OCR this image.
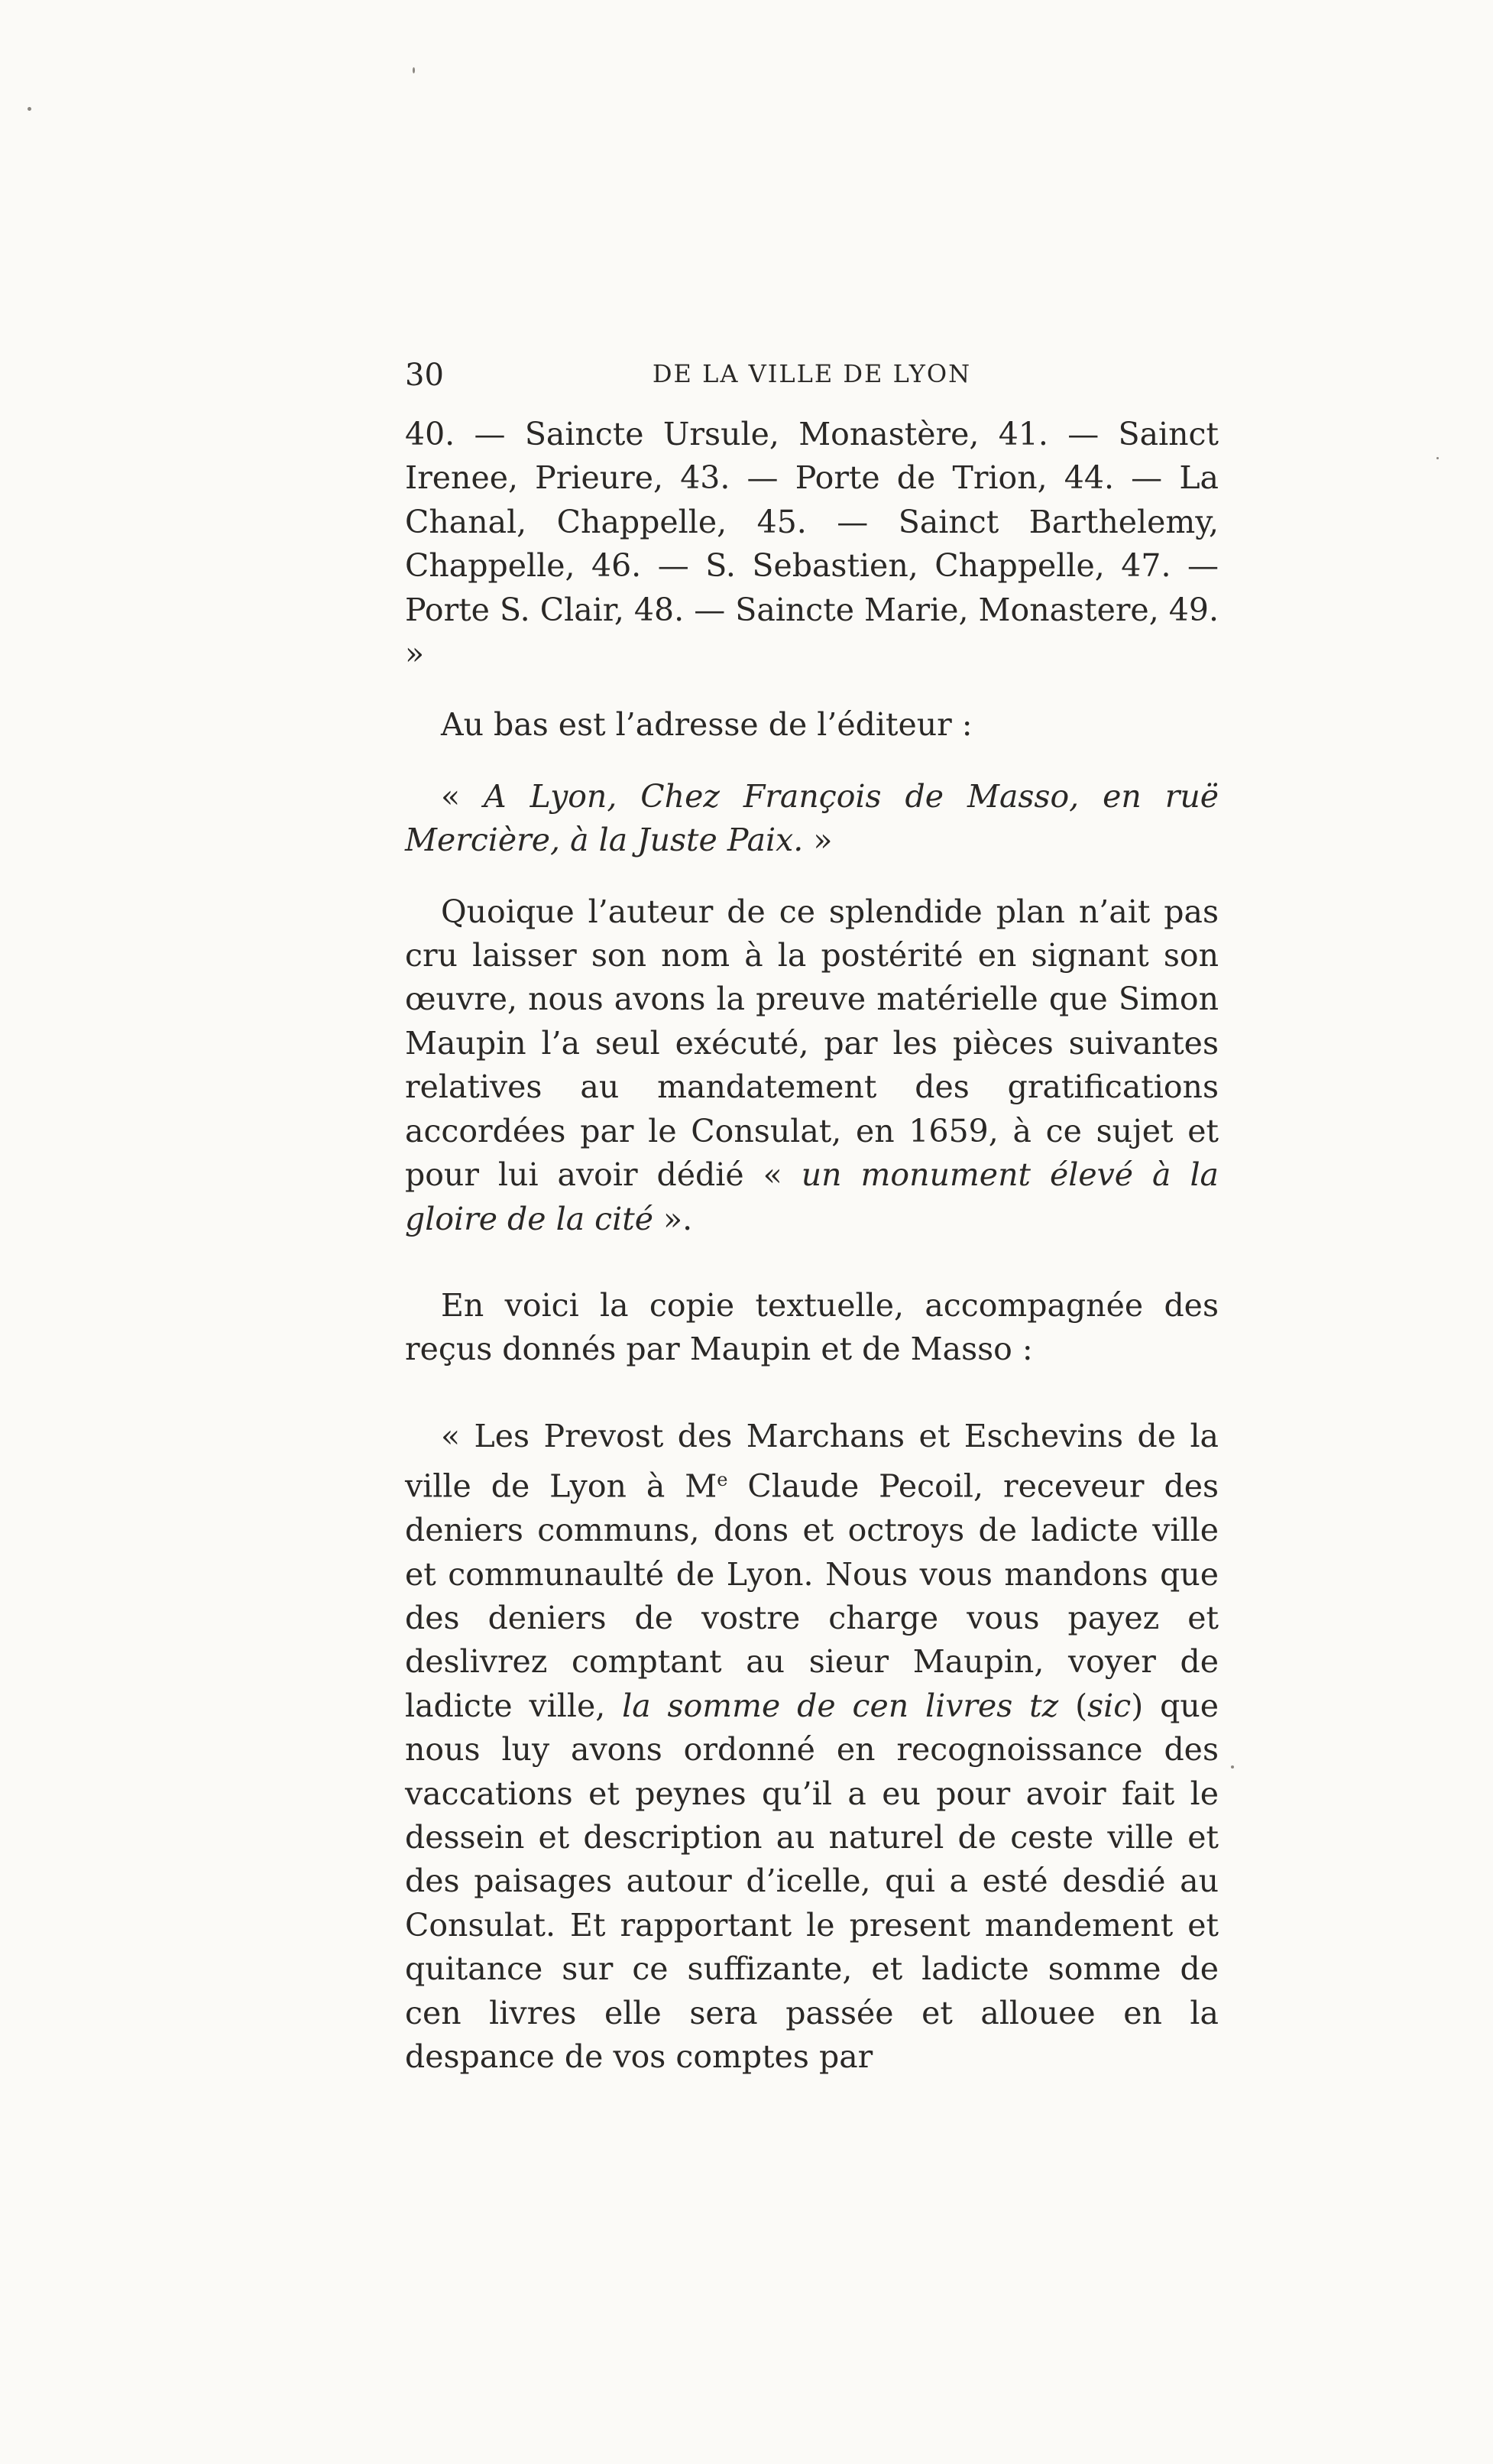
30	DE LA VILLE DE LYON

40. — Saincte Ursule, Monastère, 41. — Sainct Irenee, Prieure, 43. — Porte de Trion, 44. — La Chanal, Chappelle, 45. — Sainct Barthelemy, Chappelle, 46. — S. Sebastien, Chappelle, 47. — Porte S. Clair, 48. — Saincte Marie, Monastere, 49. »

Au bas est l’adresse de l’éditeur :

« A Lyon, Chez François de Masso, en ruë Mercière, à la Juste Paix. »

Quoique l’auteur de ce splendide plan n’ait pas cru laisser son nom à la postérité en signant son œuvre, nous avons la preuve matérielle que Simon Maupin l’a seul exécuté, par les pièces suivantes relatives au mandatement des gratifications accordées par le Consulat, en 1659, à ce sujet et pour lui avoir dédié « un monument élevé à la gloire de la cité ».

En voici la copie textuelle, accompagnée des reçus donnés par Maupin et de Masso :

« Les Prevost des Marchans et Eschevins de la ville de Lyon à Me Claude Pecoil, receveur des deniers communs, dons et octroys de ladicte ville et communaulté de Lyon. Nous vous mandons que des deniers de vostre charge vous payez et deslivrez comptant au sieur Maupin, voyer de ladicte ville, la somme de cen livres tz (sic) que nous luy avons ordonné en recognoissance des vaccations et peynes qu’il a eu pour avoir fait le dessein et description au naturel de ceste ville et des paisages autour d’icelle, qui a esté desdié au Consulat. Et rapportant le present mandement et quitance sur ce suffizante, et ladicte somme de cen livres elle sera passée et allouee en la despance de vos comptes par
